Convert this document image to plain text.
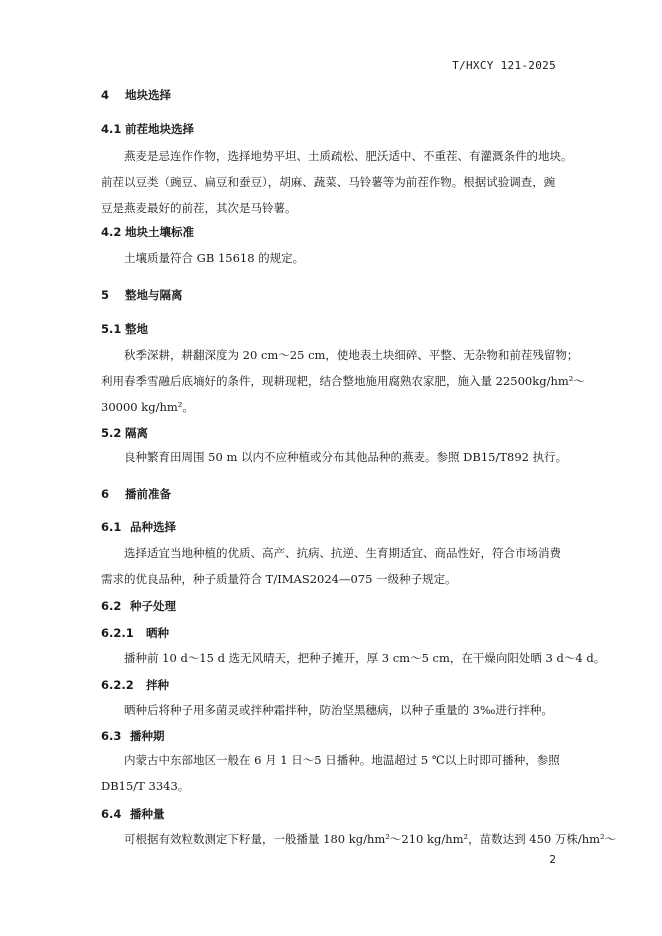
T/HXCY 121-2025
4 地块选择
4.1 前茬地块选择
燕麦是忌连作作物，选择地势平坦、土质疏松、肥沃适中、不重茬、有灌溉条件的地块。
前茬以豆类（豌豆、扁豆和蚕豆），胡麻、蔬菜、马铃薯等为前茬作物。根据试验调查，豌
豆是燕麦最好的前茬，其次是马铃薯。
4.2 地块土壤标准
土壤质量符合 GB 15618 的规定。
5 整地与隔离
5.1 整地
秋季深耕，耕翻深度为 20 cm～25 cm，使地表土块细碎、平整、无杂物和前茬残留物；
利用春季雪融后底墒好的条件，现耕现耙，结合整地施用腐熟农家肥，施入量 22500kg/hm²～
30000 kg/hm²。
5.2 隔离
良种繁育田周围 50 m 以内不应种植或分布其他品种的燕麦。参照 DB15/T892 执行。
6 播前准备
6.1 品种选择
选择适宜当地种植的优质、高产、抗病、抗逆、生育期适宜、商品性好，符合市场消费
需求的优良品种，种子质量符合 T/IMAS2024—075 一级种子规定。
6.2 种子处理
6.2.1 晒种
播种前 10 d～15 d 选无风晴天，把种子摊开，厚 3 cm～5 cm，在干燥向阳处晒 3 d～4 d。
6.2.2 拌种
晒种后将种子用多菌灵或拌种霜拌种，防治坚黑穗病，以种子重量的 3‰进行拌种。
6.3 播种期
内蒙古中东部地区一般在 6 月 1 日～5 日播种。地温超过 5 ℃以上时即可播种，参照
DB15/T 3343。
6.4 播种量
可根据有效粒数测定下籽量，一般播量 180 kg/hm²～210 kg/hm²，苗数达到 450 万株/hm²～
2
